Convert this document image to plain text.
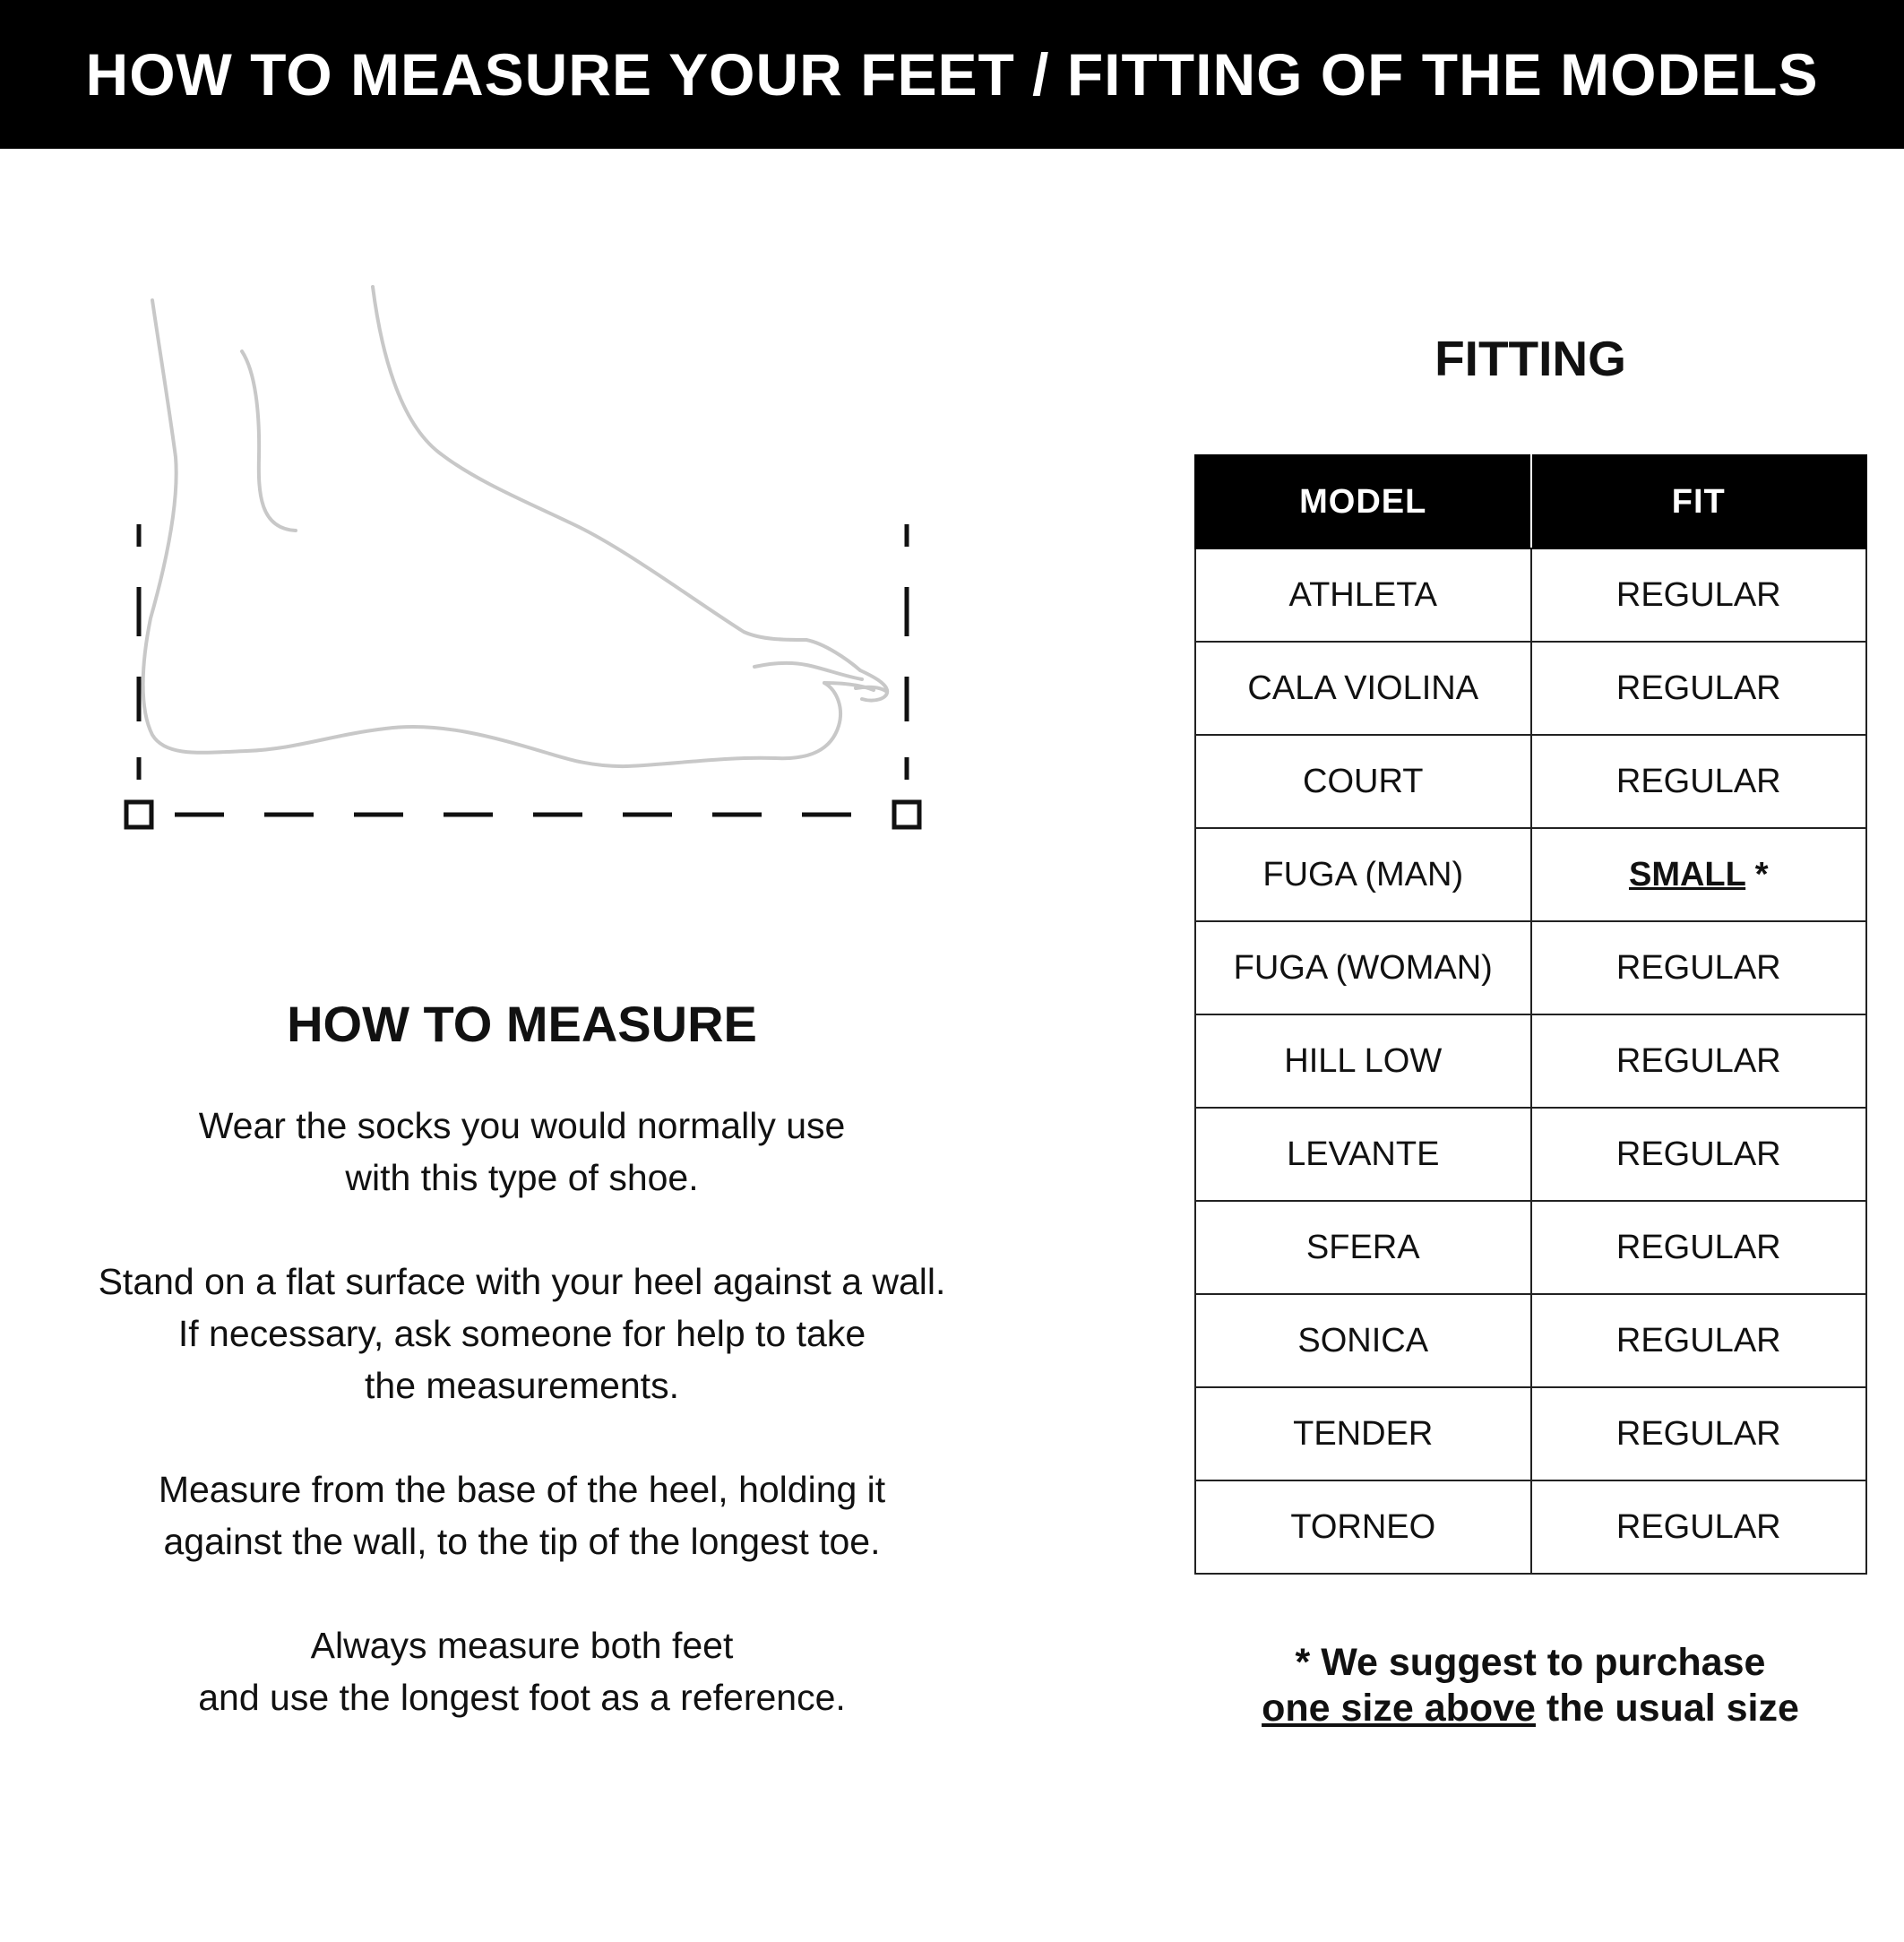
HOW TO MEASURE YOUR FEET / FITTING OF THE MODELS
HOW TO MEASURE
Wear the socks you would normally use
with this type of shoe.
Stand on a flat surface with your heel against a wall.
If necessary, ask someone for help to take
the measurements.
Measure from the base of the heel, holding it
against the wall, to the tip of the longest toe.
Always measure both feet
and use the longest foot as a reference.
FITTING
MODEL	FIT
ATHLETA	REGULAR
CALA VIOLINA	REGULAR
COURT	REGULAR
FUGA (MAN)	SMALL *
FUGA (WOMAN)	REGULAR
HILL LOW	REGULAR
LEVANTE	REGULAR
SFERA	REGULAR
SONICA	REGULAR
TENDER	REGULAR
TORNEO	REGULAR
* We suggest to purchase
one size above the usual size
